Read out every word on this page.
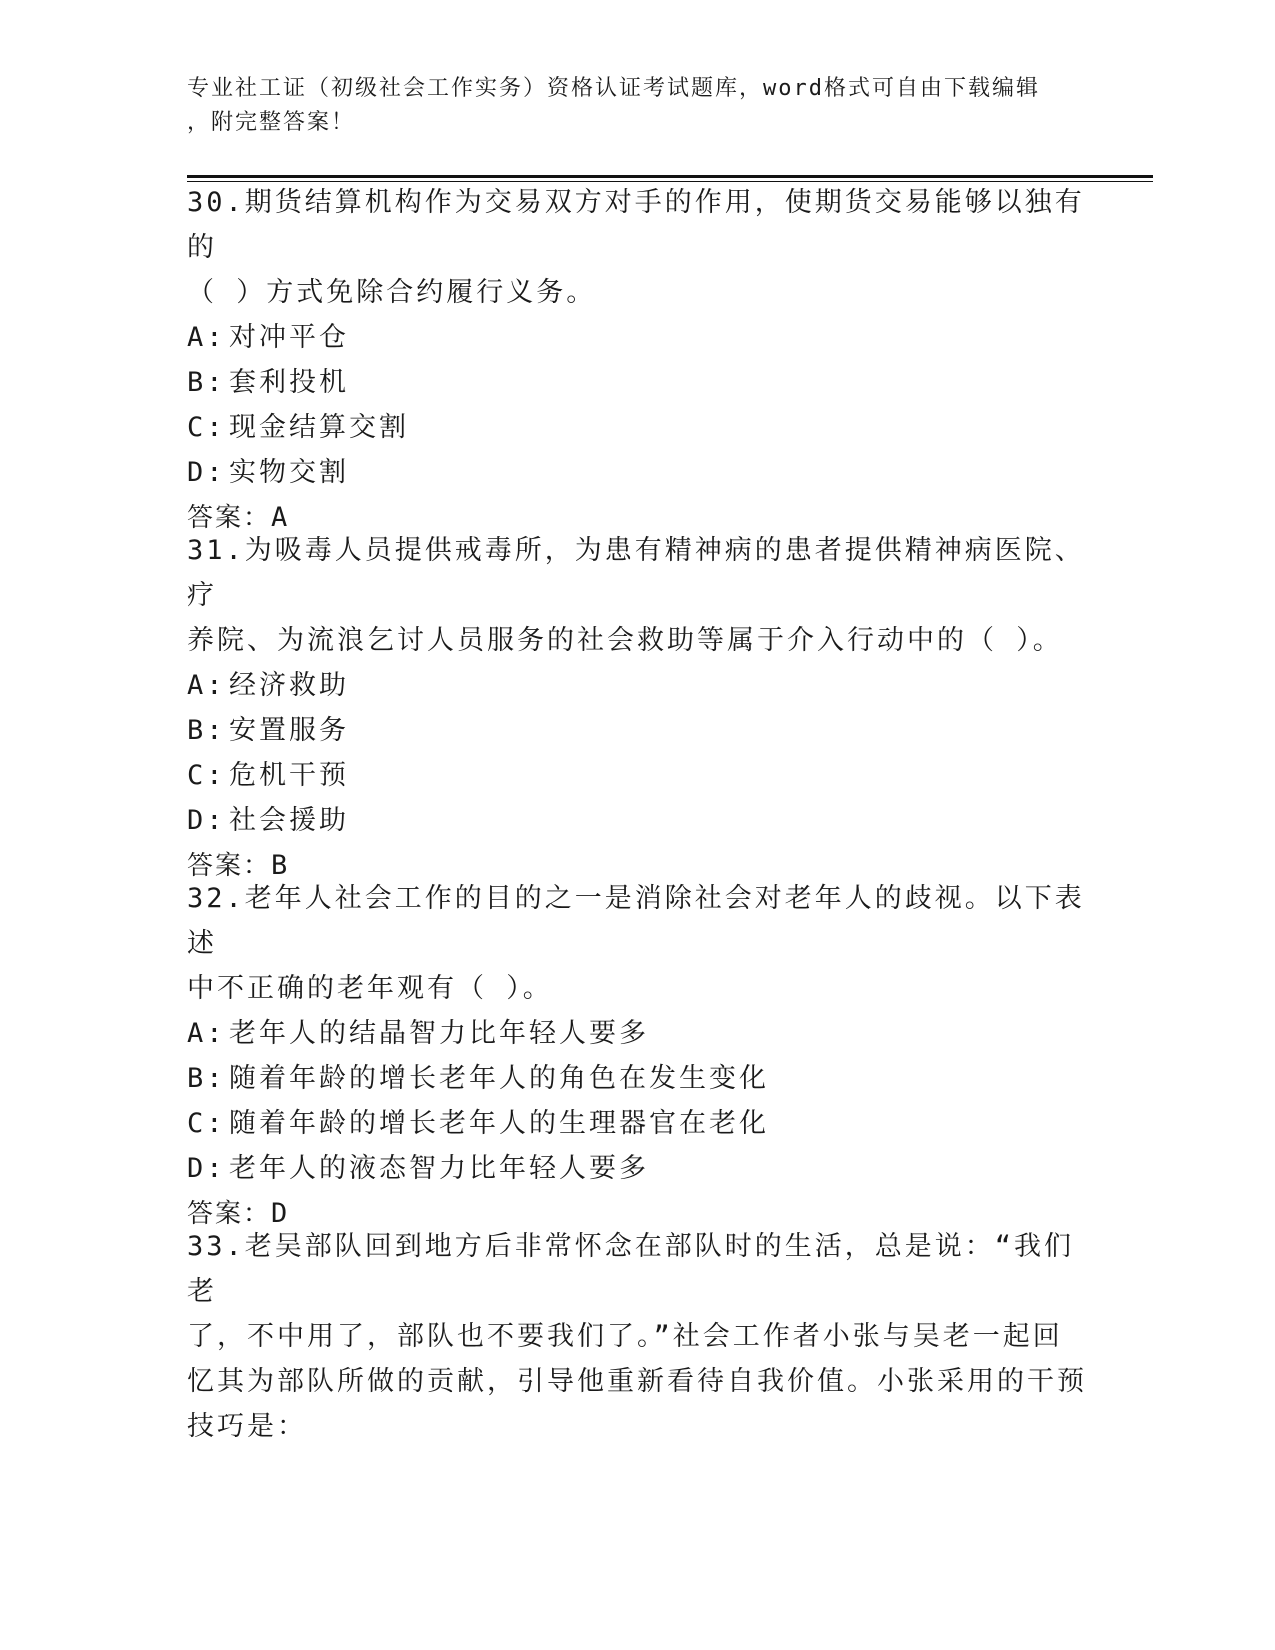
专业社工证（初级社会工作实务）资格认证考试题库，word格式可自由下载编辑
，附完整答案！

30.期货结算机构作为交易双方对手的作用，使期货交易能够以独有的

（ ）方式免除合约履行义务。

A: 对冲平仓

B: 套利投机

C: 现金结算交割

D: 实物交割

答案：A

31.为吸毒人员提供戒毒所，为患有精神病的患者提供精神病医院、疗

养院、为流浪乞讨人员服务的社会救助等属于介入行动中的（ ）。

A: 经济救助

B: 安置服务

C: 危机干预

D: 社会援助

答案：B

32.老年人社会工作的目的之一是消除社会对老年人的歧视。以下表述

中不正确的老年观有（ ）。

A: 老年人的结晶智力比年轻人要多

B: 随着年龄的增长老年人的角色在发生变化

C: 随着年龄的增长老年人的生理器官在老化

D: 老年人的液态智力比年轻人要多

答案：D

33.老吴部队回到地方后非常怀念在部队时的生活，总是说：“我们老

了，不中用了，部队也不要我们了。”社会工作者小张与吴老一起回

忆其为部队所做的贡献，引导他重新看待自我价值。小张采用的干预

技巧是：
